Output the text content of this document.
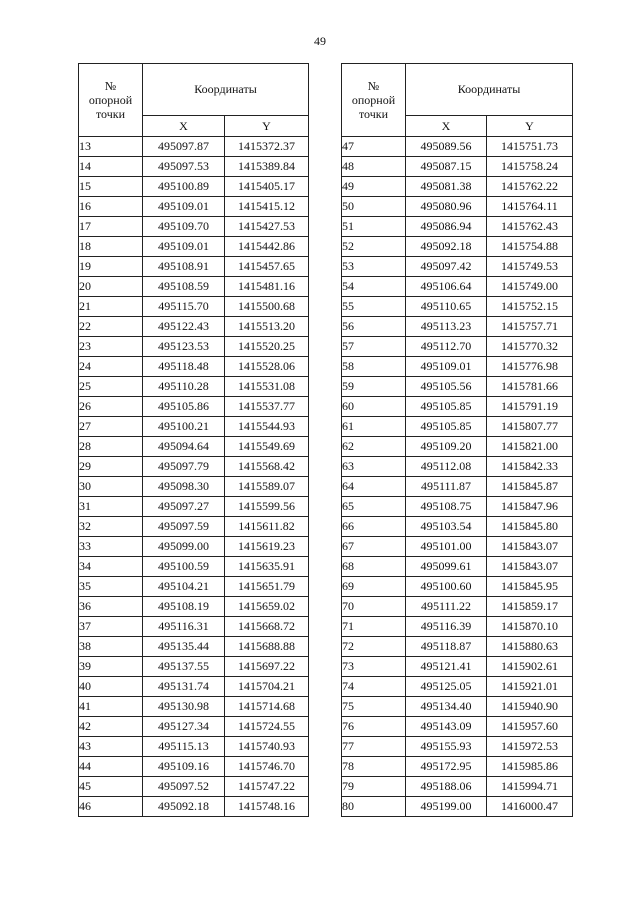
49
№
опорной
точки	Координаты	
	X	Y
13	495097.87	1415372.37
14	495097.53	1415389.84
15	495100.89	1415405.17
16	495109.01	1415415.12
17	495109.70	1415427.53
18	495109.01	1415442.86
19	495108.91	1415457.65
20	495108.59	1415481.16
21	495115.70	1415500.68
22	495122.43	1415513.20
23	495123.53	1415520.25
24	495118.48	1415528.06
25	495110.28	1415531.08
26	495105.86	1415537.77
27	495100.21	1415544.93
28	495094.64	1415549.69
29	495097.79	1415568.42
30	495098.30	1415589.07
31	495097.27	1415599.56
32	495097.59	1415611.82
33	495099.00	1415619.23
34	495100.59	1415635.91
35	495104.21	1415651.79
36	495108.19	1415659.02
37	495116.31	1415668.72
38	495135.44	1415688.88
39	495137.55	1415697.22
40	495131.74	1415704.21
41	495130.98	1415714.68
42	495127.34	1415724.55
43	495115.13	1415740.93
44	495109.16	1415746.70
45	495097.52	1415747.22
46	495092.18	1415748.16
№
опорной
точки	Координаты	
	X	Y
47	495089.56	1415751.73
48	495087.15	1415758.24
49	495081.38	1415762.22
50	495080.96	1415764.11
51	495086.94	1415762.43
52	495092.18	1415754.88
53	495097.42	1415749.53
54	495106.64	1415749.00
55	495110.65	1415752.15
56	495113.23	1415757.71
57	495112.70	1415770.32
58	495109.01	1415776.98
59	495105.56	1415781.66
60	495105.85	1415791.19
61	495105.85	1415807.77
62	495109.20	1415821.00
63	495112.08	1415842.33
64	495111.87	1415845.87
65	495108.75	1415847.96
66	495103.54	1415845.80
67	495101.00	1415843.07
68	495099.61	1415843.07
69	495100.60	1415845.95
70	495111.22	1415859.17
71	495116.39	1415870.10
72	495118.87	1415880.63
73	495121.41	1415902.61
74	495125.05	1415921.01
75	495134.40	1415940.90
76	495143.09	1415957.60
77	495155.93	1415972.53
78	495172.95	1415985.86
79	495188.06	1415994.71
80	495199.00	1416000.47
